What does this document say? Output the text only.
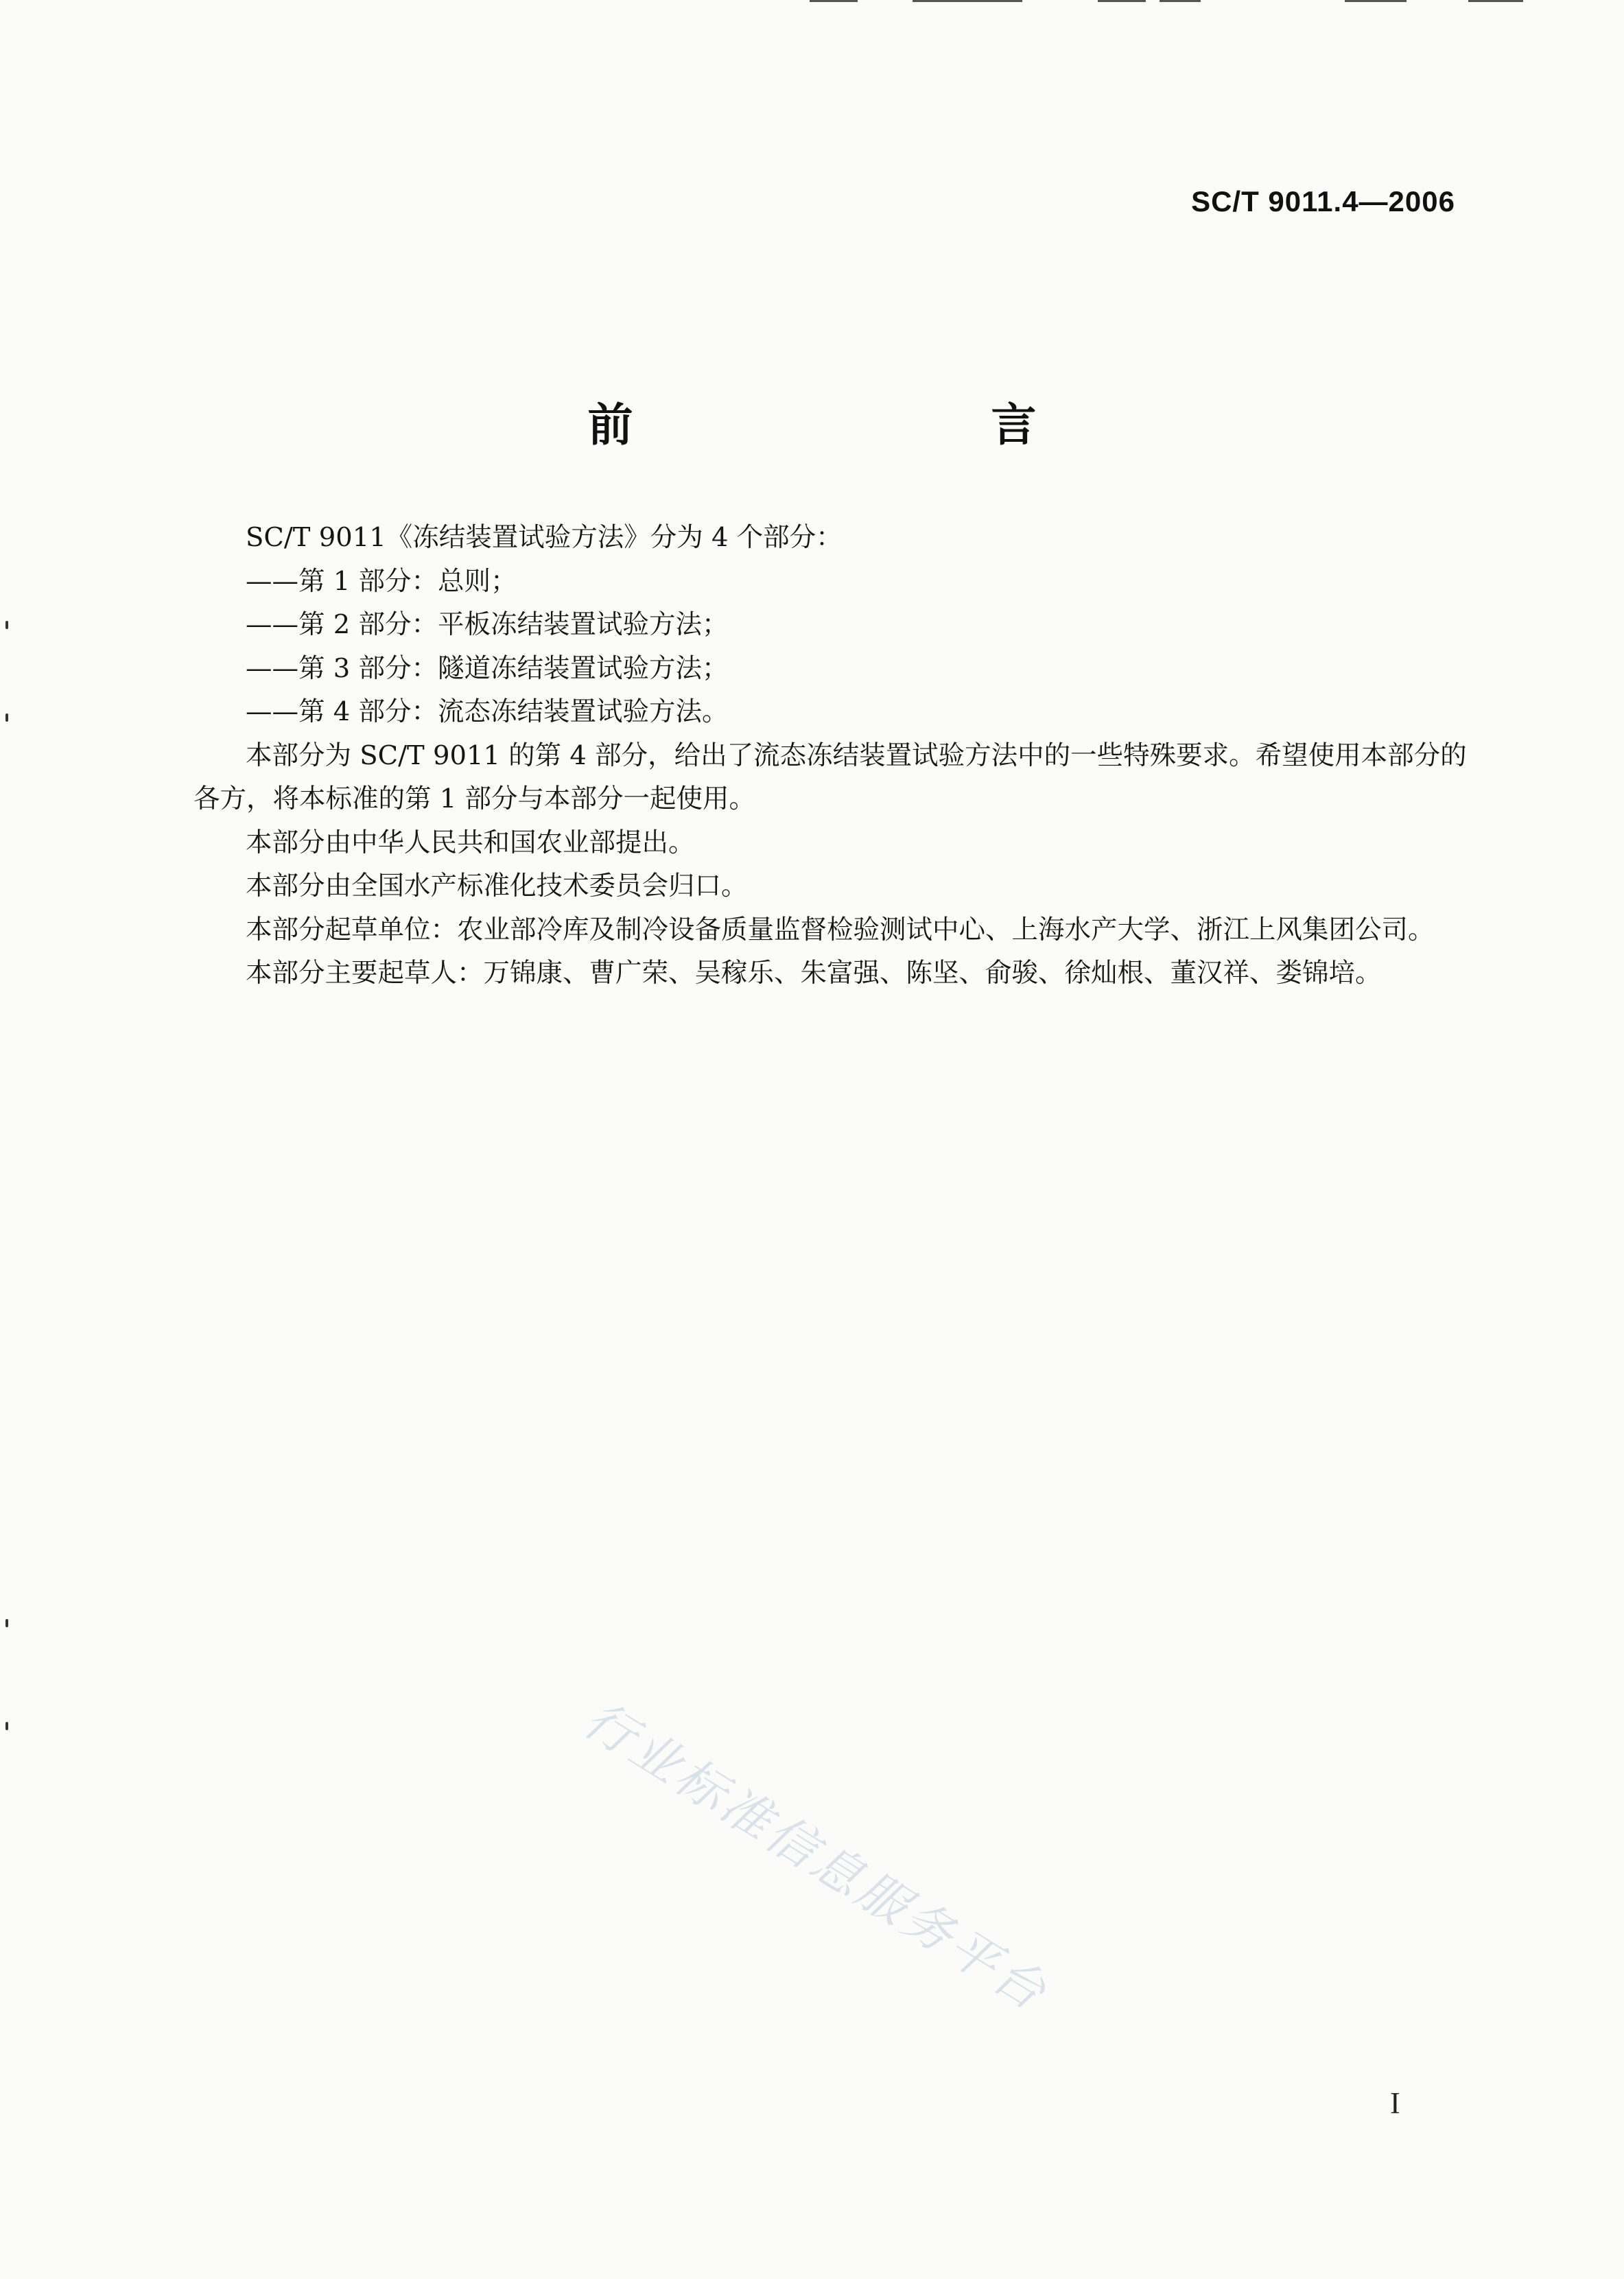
SC/T 9011.4—2006
前　　言

SC/T 9011《冻结装置试验方法》分为 4 个部分：

——第 1 部分：总则；

——第 2 部分：平板冻结装置试验方法；

——第 3 部分：隧道冻结装置试验方法；

——第 4 部分：流态冻结装置试验方法。

本部分为 SC/T 9011 的第 4 部分，给出了流态冻结装置试验方法中的一些特殊要求。希望使用本部分的各方，将本标准的第 1 部分与本部分一起使用。

本部分由中华人民共和国农业部提出。

本部分由全国水产标准化技术委员会归口。

本部分起草单位：农业部冷库及制冷设备质量监督检验测试中心、上海水产大学、浙江上风集团公司。

本部分主要起草人：万锦康、曹广荣、吴稼乐、朱富强、陈坚、俞骏、徐灿根、董汉祥、娄锦培。

行业标准信息服务平台
I
